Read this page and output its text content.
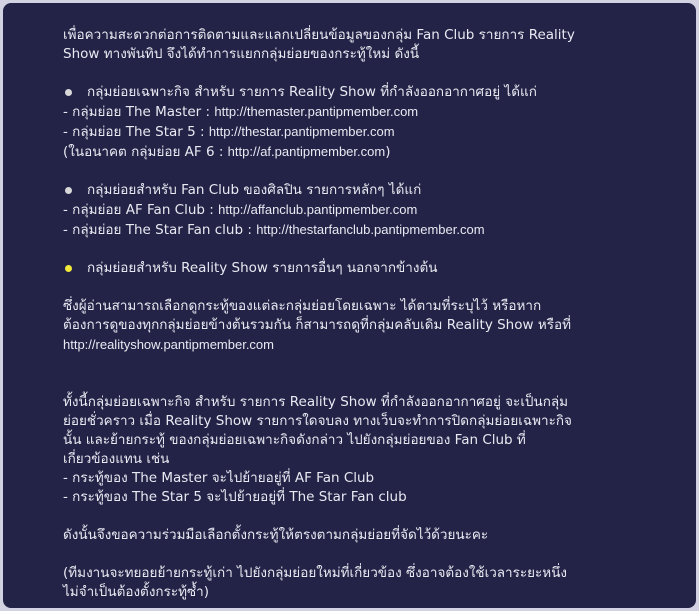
เพื่อความสะดวกต่อการติดตามและแลกเปลี่ยนข้อมูลของกลุ่ม Fan Club รายการ Reality
Show ทางพันทิป จึงได้ทำการแยกกลุ่มย่อยของกระทู้ใหม่ ดังนี้
กลุ่มย่อยเฉพาะกิจ สำหรับ รายการ Reality Show ที่กำลังออกอากาศอยู่ ได้แก่
- กลุ่มย่อย The Master : http://themaster.pantipmember.com
- กลุ่มย่อย The Star 5 : http://thestar.pantipmember.com
(ในอนาคต กลุ่มย่อย AF 6 : http://af.pantipmember.com)
กลุ่มย่อยสำหรับ Fan Club ของศิลปิน รายการหลักๆ ได้แก่
- กลุ่มย่อย AF Fan Club : http://affanclub.pantipmember.com
- กลุ่มย่อย The Star Fan club : http://thestarfanclub.pantipmember.com
กลุ่มย่อยสำหรับ Reality Show รายการอื่นๆ นอกจากข้างต้น
ซึ่งผู้อ่านสามารถเลือกดูกระทู้ของแต่ละกลุ่มย่อยโดยเฉพาะ ได้ตามที่ระบุไว้ หรือหาก
ต้องการดูของทุกกลุ่มย่อยข้างต้นรวมกัน ก็สามารถดูที่กลุ่มคลับเดิม Reality Show หรือที่
http://realityshow.pantipmember.com
ทั้งนี้กลุ่มย่อยเฉพาะกิจ สำหรับ รายการ Reality Show ที่กำลังออกอากาศอยู่ จะเป็นกลุ่ม
ย่อยชั่วคราว เมื่อ Reality Show รายการใดจบลง ทางเว็บจะทำการปิดกลุ่มย่อยเฉพาะกิจ
นั้น และย้ายกระทู้ ของกลุ่มย่อยเฉพาะกิจดังกล่าว ไปยังกลุ่มย่อยของ Fan Club ที่
เกี่ยวข้องแทน เช่น
- กระทู้ของ The Master จะไปย้ายอยู่ที่ AF Fan Club
- กระทู้ของ The Star 5 จะไปย้ายอยู่ที่ The Star Fan club
ดังนั้นจึงขอความร่วมมือเลือกตั้งกระทู้ให้ตรงตามกลุ่มย่อยที่จัดไว้ด้วยนะคะ
(ทีมงานจะทยอยย้ายกระทู้เก่า ไปยังกลุ่มย่อยใหม่ที่เกี่ยวข้อง ซึ่งอาจต้องใช้เวลาระยะหนึ่ง
ไม่จำเป็นต้องตั้งกระทู้ซ้ำ)
